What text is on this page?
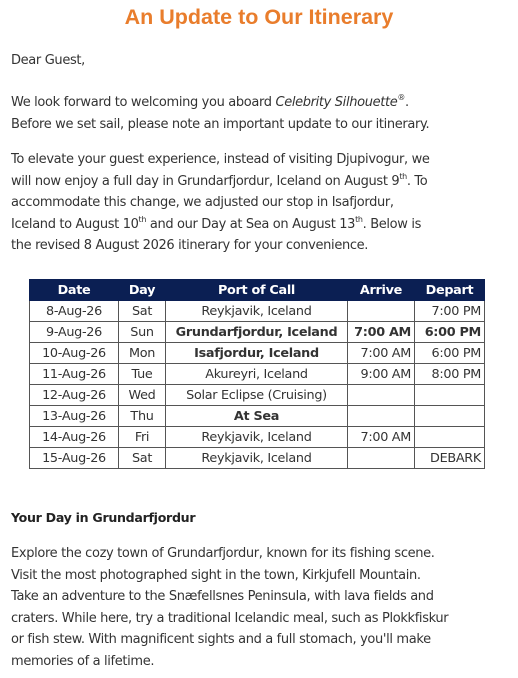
An Update to Our Itinerary
Dear Guest,
We look forward to welcoming you aboard Celebrity Silhouette®.
Before we set sail, please note an important update to our itinerary.
To elevate your guest experience, instead of visiting Djupivogur, we
will now enjoy a full day in Grundarfjordur, Iceland on August 9th. To
accommodate this change, we adjusted our stop in Isafjordur,
Iceland to August 10th and our Day at Sea on August 13th. Below is
the revised 8 August 2026 itinerary for your convenience.
Date	Day	Port of Call	Arrive	Depart
8-Aug-26	Sat	Reykjavik, Iceland		7:00 PM
9-Aug-26	Sun	Grundarfjordur, Iceland	7:00 AM	6:00 PM
10-Aug-26	Mon	Isafjordur, Iceland	7:00 AM	6:00 PM
11-Aug-26	Tue	Akureyri, Iceland	9:00 AM	8:00 PM
12-Aug-26	Wed	Solar Eclipse (Cruising)		
13-Aug-26	Thu	At Sea		
14-Aug-26	Fri	Reykjavik, Iceland	7:00 AM	
15-Aug-26	Sat	Reykjavik, Iceland		DEBARK
Your Day in Grundarfjordur
Explore the cozy town of Grundarfjordur, known for its fishing scene.
Visit the most photographed sight in the town, Kirkjufell Mountain.
Take an adventure to the Snæfellsnes Peninsula, with lava fields and
craters. While here, try a traditional Icelandic meal, such as Plokkfiskur
or fish stew. With magnificent sights and a full stomach, you'll make
memories of a lifetime.
